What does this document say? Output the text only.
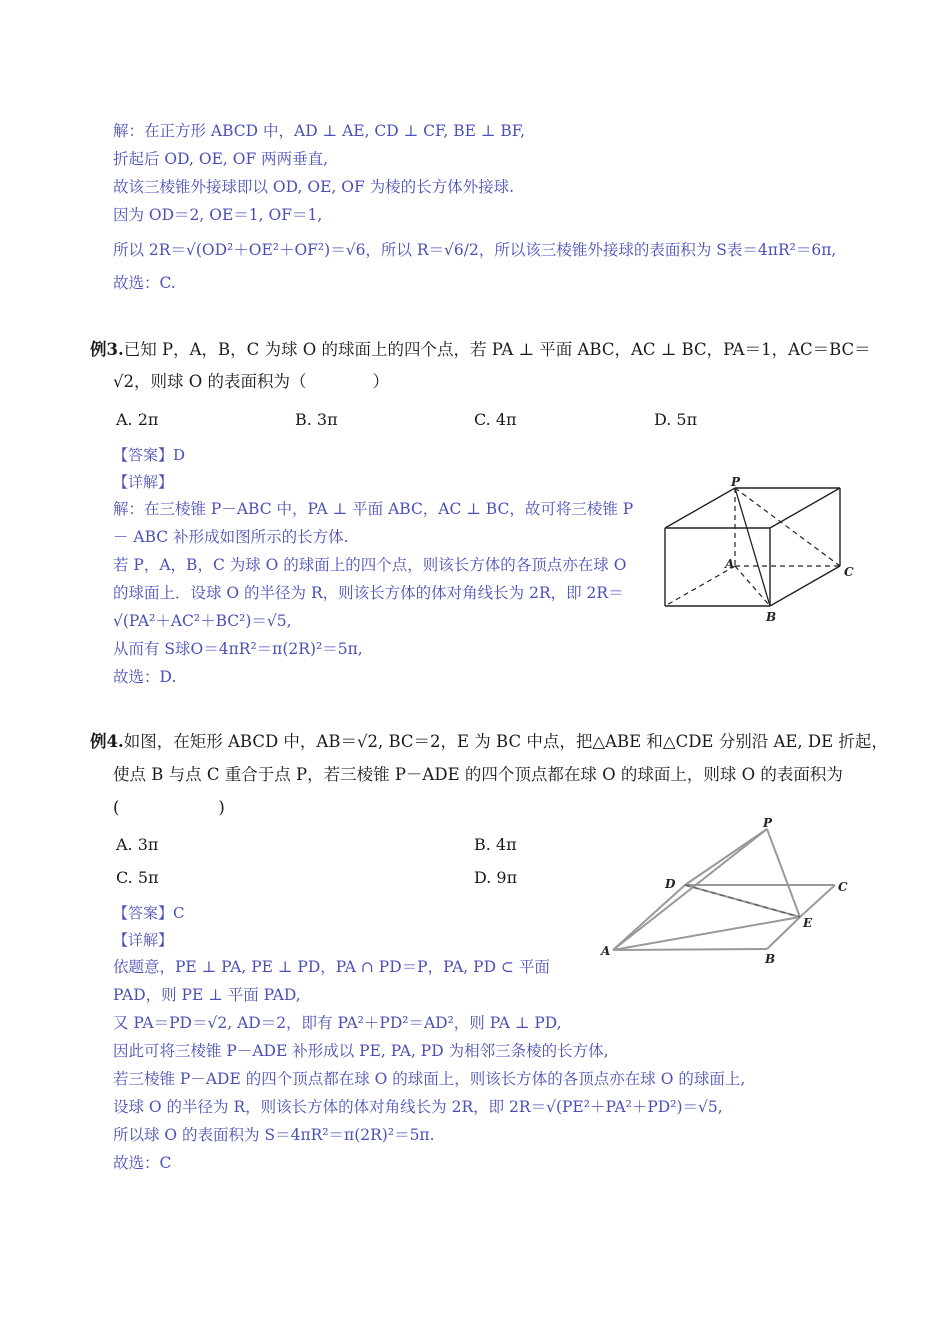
解：在正方形 ABCD 中，AD ⊥ AE, CD ⊥ CF, BE ⊥ BF,
折起后 OD, OE, OF 两两垂直,
故该三棱锥外接球即以 OD, OE, OF 为棱的长方体外接球.
因为 OD＝2, OE＝1, OF＝1,
所以 2R＝√(OD²＋OE²＋OF²)＝√6，所以 R＝√6/2，所以该三棱锥外接球的表面积为 S表＝4πR²＝6π,
故选：C.
例3.已知 P，A，B，C 为球 O 的球面上的四个点，若 PA ⊥ 平面 ABC，AC ⊥ BC，PA＝1，AC＝BC＝
√2，则球 O 的表面积为（　　　　）
A. 2π	B. 3π	C. 4π	D. 5π
【答案】D
【详解】
解：在三棱锥 P－ABC 中，PA ⊥ 平面 ABC，AC ⊥ BC，故可将三棱锥 P
－ ABC 补形成如图所示的长方体.
若 P，A，B，C 为球 O 的球面上的四个点，则该长方体的各顶点亦在球 O
的球面上．设球 O 的半径为 R，则该长方体的体对角线长为 2R，即 2R＝
√(PA²＋AC²＋BC²)＝√5,
从而有 S球O＝4πR²＝π(2R)²＝5π,
故选：D.
P
A
B
C
例4.如图，在矩形 ABCD 中，AB＝√2, BC＝2，E 为 BC 中点，把△ABE 和△CDE 分别沿 AE, DE 折起，
使点 B 与点 C 重合于点 P，若三棱锥 P－ADE 的四个顶点都在球 O 的球面上，则球 O 的表面积为
(　　　　　　)
A. 3π	B. 4π
C. 5π	D. 9π
【答案】C
【详解】
依题意，PE ⊥ PA, PE ⊥ PD，PA ∩ PD＝P，PA, PD ⊂ 平面
PAD，则 PE ⊥ 平面 PAD,
又 PA＝PD＝√2, AD＝2，即有 PA²＋PD²＝AD²，则 PA ⊥ PD,
因此可将三棱锥 P－ADE 补形成以 PE, PA, PD 为相邻三条棱的长方体,
若三棱锥 P－ADE 的四个顶点都在球 O 的球面上，则该长方体的各顶点亦在球 O 的球面上,
设球 O 的半径为 R，则该长方体的体对角线长为 2R，即 2R＝√(PE²＋PA²＋PD²)＝√5,
所以球 O 的表面积为 S＝4πR²＝π(2R)²＝5π.
故选：C
P
D	C
E
A
B
